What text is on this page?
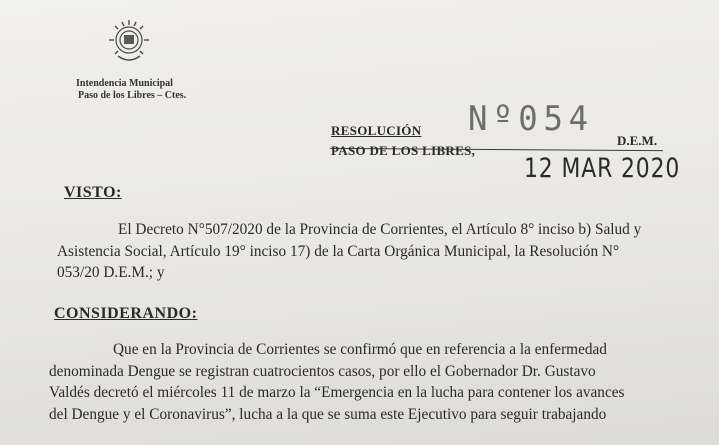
Intendencia Municipal
Paso de los Libres – Ctes.
Nº054
RESOLUCIÓN
D.E.M.
PASO DE LOS LIBRES,
12 MAR 2020
VISTO:
El Decreto N°507/2020 de la Provincia de Corrientes, el Artículo 8° inciso b) Salud y
Asistencia Social, Artículo 19° inciso 17) de la Carta Orgánica Municipal, la Resolución N°
053/20 D.E.M.; y
CONSIDERANDO:
Que en la Provincia de Corrientes se confirmó que en referencia a la enfermedad
denominada Dengue se registran cuatrocientos casos, por ello el Gobernador Dr. Gustavo
Valdés decretó el miércoles 11 de marzo la “Emergencia en la lucha para contener los avances
del Dengue y el Coronavirus”, lucha a la que se suma este Ejecutivo para seguir trabajando
